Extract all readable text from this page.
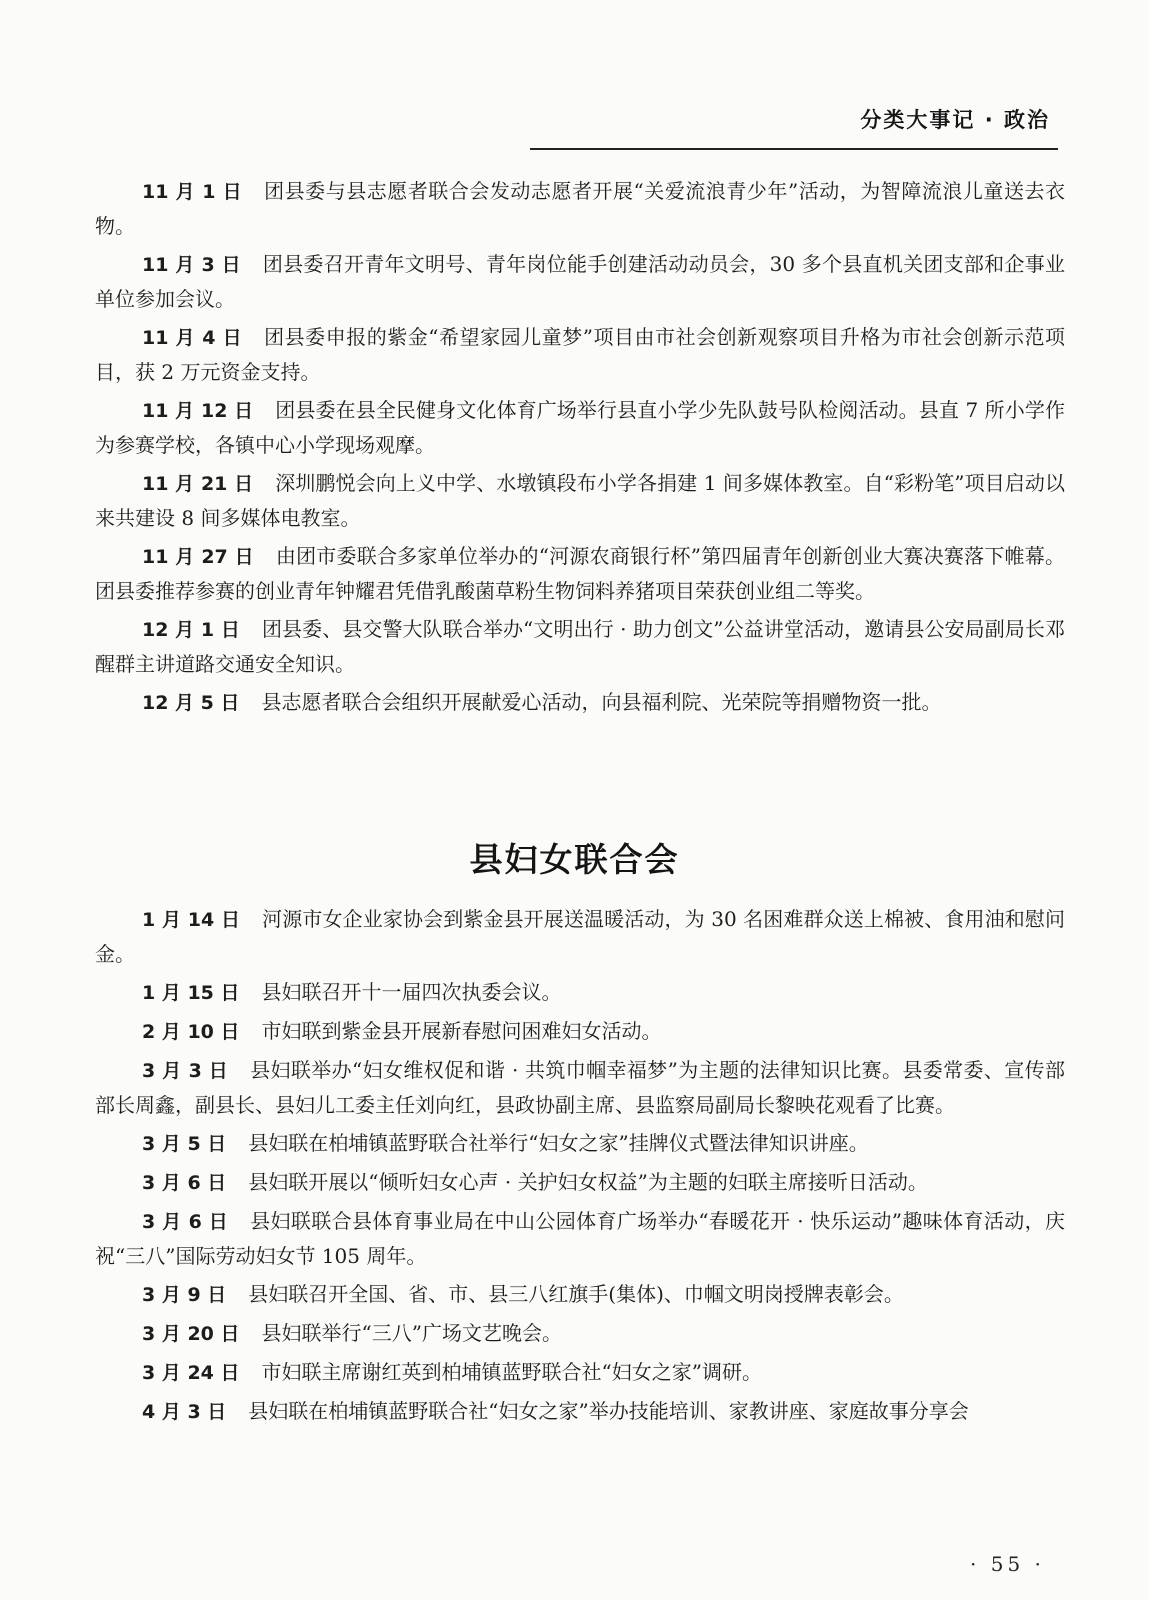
分类大事记 · 政治

11 月 1 日 团县委与县志愿者联合会发动志愿者开展“关爱流浪青少年”活动，为智障流浪儿童送去衣物。

11 月 3 日 团县委召开青年文明号、青年岗位能手创建活动动员会，30 多个县直机关团支部和企事业单位参加会议。

11 月 4 日 团县委申报的紫金“希望家园儿童梦”项目由市社会创新观察项目升格为市社会创新示范项目，获 2 万元资金支持。

11 月 12 日 团县委在县全民健身文化体育广场举行县直小学少先队鼓号队检阅活动。县直 7 所小学作为参赛学校，各镇中心小学现场观摩。

11 月 21 日 深圳鹏悦会向上义中学、水墩镇段布小学各捐建 1 间多媒体教室。自“彩粉笔”项目启动以来共建设 8 间多媒体电教室。

11 月 27 日 由团市委联合多家单位举办的“河源农商银行杯”第四届青年创新创业大赛决赛落下帷幕。团县委推荐参赛的创业青年钟耀君凭借乳酸菌草粉生物饲料养猪项目荣获创业组二等奖。

12 月 1 日 团县委、县交警大队联合举办“文明出行 · 助力创文”公益讲堂活动，邀请县公安局副局长邓醒群主讲道路交通安全知识。

12 月 5 日 县志愿者联合会组织开展献爱心活动，向县福利院、光荣院等捐赠物资一批。

县妇女联合会

1 月 14 日 河源市女企业家协会到紫金县开展送温暖活动，为 30 名困难群众送上棉被、食用油和慰问金。

1 月 15 日 县妇联召开十一届四次执委会议。

2 月 10 日 市妇联到紫金县开展新春慰问困难妇女活动。

3 月 3 日 县妇联举办“妇女维权促和谐 · 共筑巾帼幸福梦”为主题的法律知识比赛。县委常委、宣传部部长周鑫，副县长、县妇儿工委主任刘向红，县政协副主席、县监察局副局长黎映花观看了比赛。

3 月 5 日 县妇联在柏埔镇蓝野联合社举行“妇女之家”挂牌仪式暨法律知识讲座。

3 月 6 日 县妇联开展以“倾听妇女心声 · 关护妇女权益”为主题的妇联主席接听日活动。

3 月 6 日 县妇联联合县体育事业局在中山公园体育广场举办“春暖花开 · 快乐运动”趣味体育活动，庆祝“三八”国际劳动妇女节 105 周年。

3 月 9 日 县妇联召开全国、省、市、县三八红旗手(集体)、巾帼文明岗授牌表彰会。

3 月 20 日 县妇联举行“三八”广场文艺晚会。

3 月 24 日 市妇联主席谢红英到柏埔镇蓝野联合社“妇女之家”调研。

4 月 3 日 县妇联在柏埔镇蓝野联合社“妇女之家”举办技能培训、家教讲座、家庭故事分享会

· 55 ·
